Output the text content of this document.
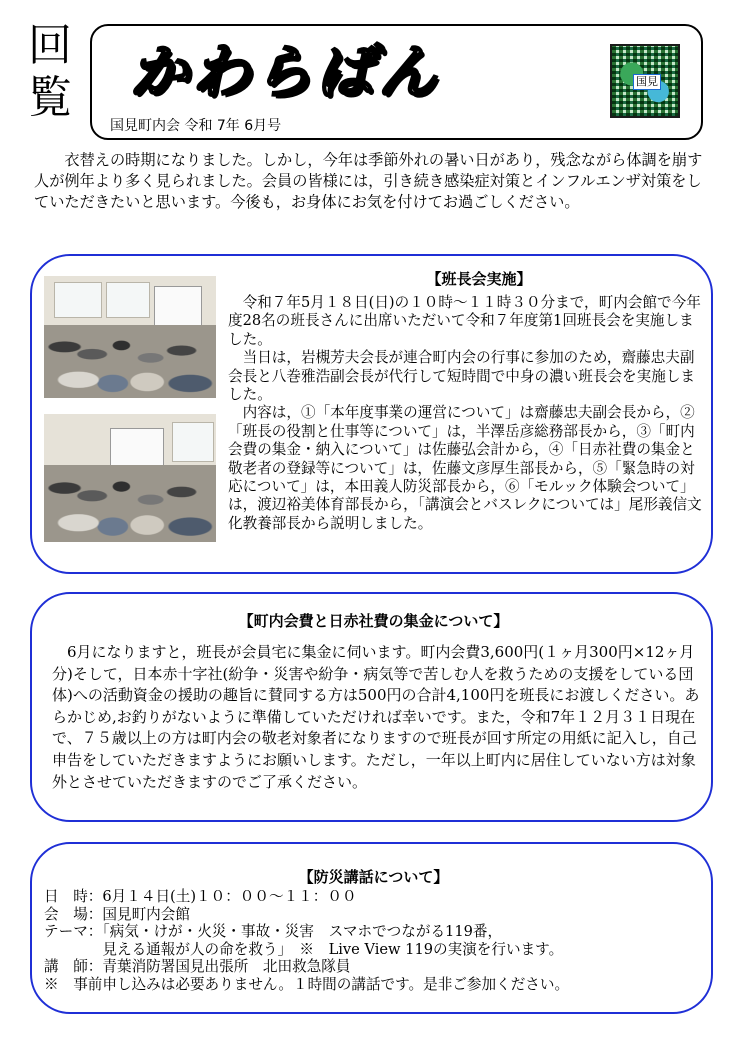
回
覧 かわらばん
国見町内会 令和 7年 6月号
国見

衣替えの時期になりました。しかし，今年は季節外れの暑い日があり，残念ながら体調を崩す人が例年より多く見られました。会員の皆様には，引き続き感染症対策とインフルエンザ対策をしていただきたいと思います。今後も，お身体にお気を付けてお過ごしください。

【班長会実施】

令和７年5月１８日(日)の１０時～１１時３０分まで，町内会館で今年度28名の班長さんに出席いただいて令和７年度第1回班長会を実施しました。

当日は，岩槻芳夫会長が連合町内会の行事に参加のため，齋藤忠夫副会長と八巻雅浩副会長が代行して短時間で中身の濃い班長会を実施しました。

内容は，①「本年度事業の運営について」は齋藤忠夫副会長から，②「班長の役割と仕事等について」は，半澤岳彦総務部長から，③「町内会費の集金・納入について」は佐藤弘会計から，④「日赤社費の集金と敬老者の登録等について」は，佐藤文彦厚生部長から，⑤「緊急時の対応について」は，本田義人防災部長から，⑥「モルック体験会ついて」は，渡辺裕美体育部長から，「講演会とバスレクについては」尾形義信文化教養部長から説明しました。

【町内会費と日赤社費の集金について】

6月になりますと，班長が会員宅に集金に伺います。町内会費3,600円(１ヶ月300円×12ヶ月分)そして，日本赤十字社(紛争・災害や紛争・病気等で苦しむ人を救うための支援をしている団体)への活動資金の援助の趣旨に賛同する方は500円の合計4,100円を班長にお渡しください。あらかじめ,お釣りがないように準備していただければ幸いです。また，令和7年１２月３１日現在で、７５歳以上の方は町内会の敬老対象者になりますので班長が回す所定の用紙に記入し，自己申告をしていただきますようにお願いします。ただし，一年以上町内に居住していない方は対象外とさせていただきますのでご了承ください。

【防災講話について】
日　時：6月１４日(土)１０：００～１１：００
会　場：国見町内会館
テーマ：「病気・けが・火災・事故・災害　スマホでつながる119番，
　　　　見える通報が人の命を救う」　※　Live View 119の実演を行います。
講　師：青葉消防署国見出張所　北田救急隊員
※　事前申し込みは必要ありません。１時間の講話です。是非ご参加ください。
